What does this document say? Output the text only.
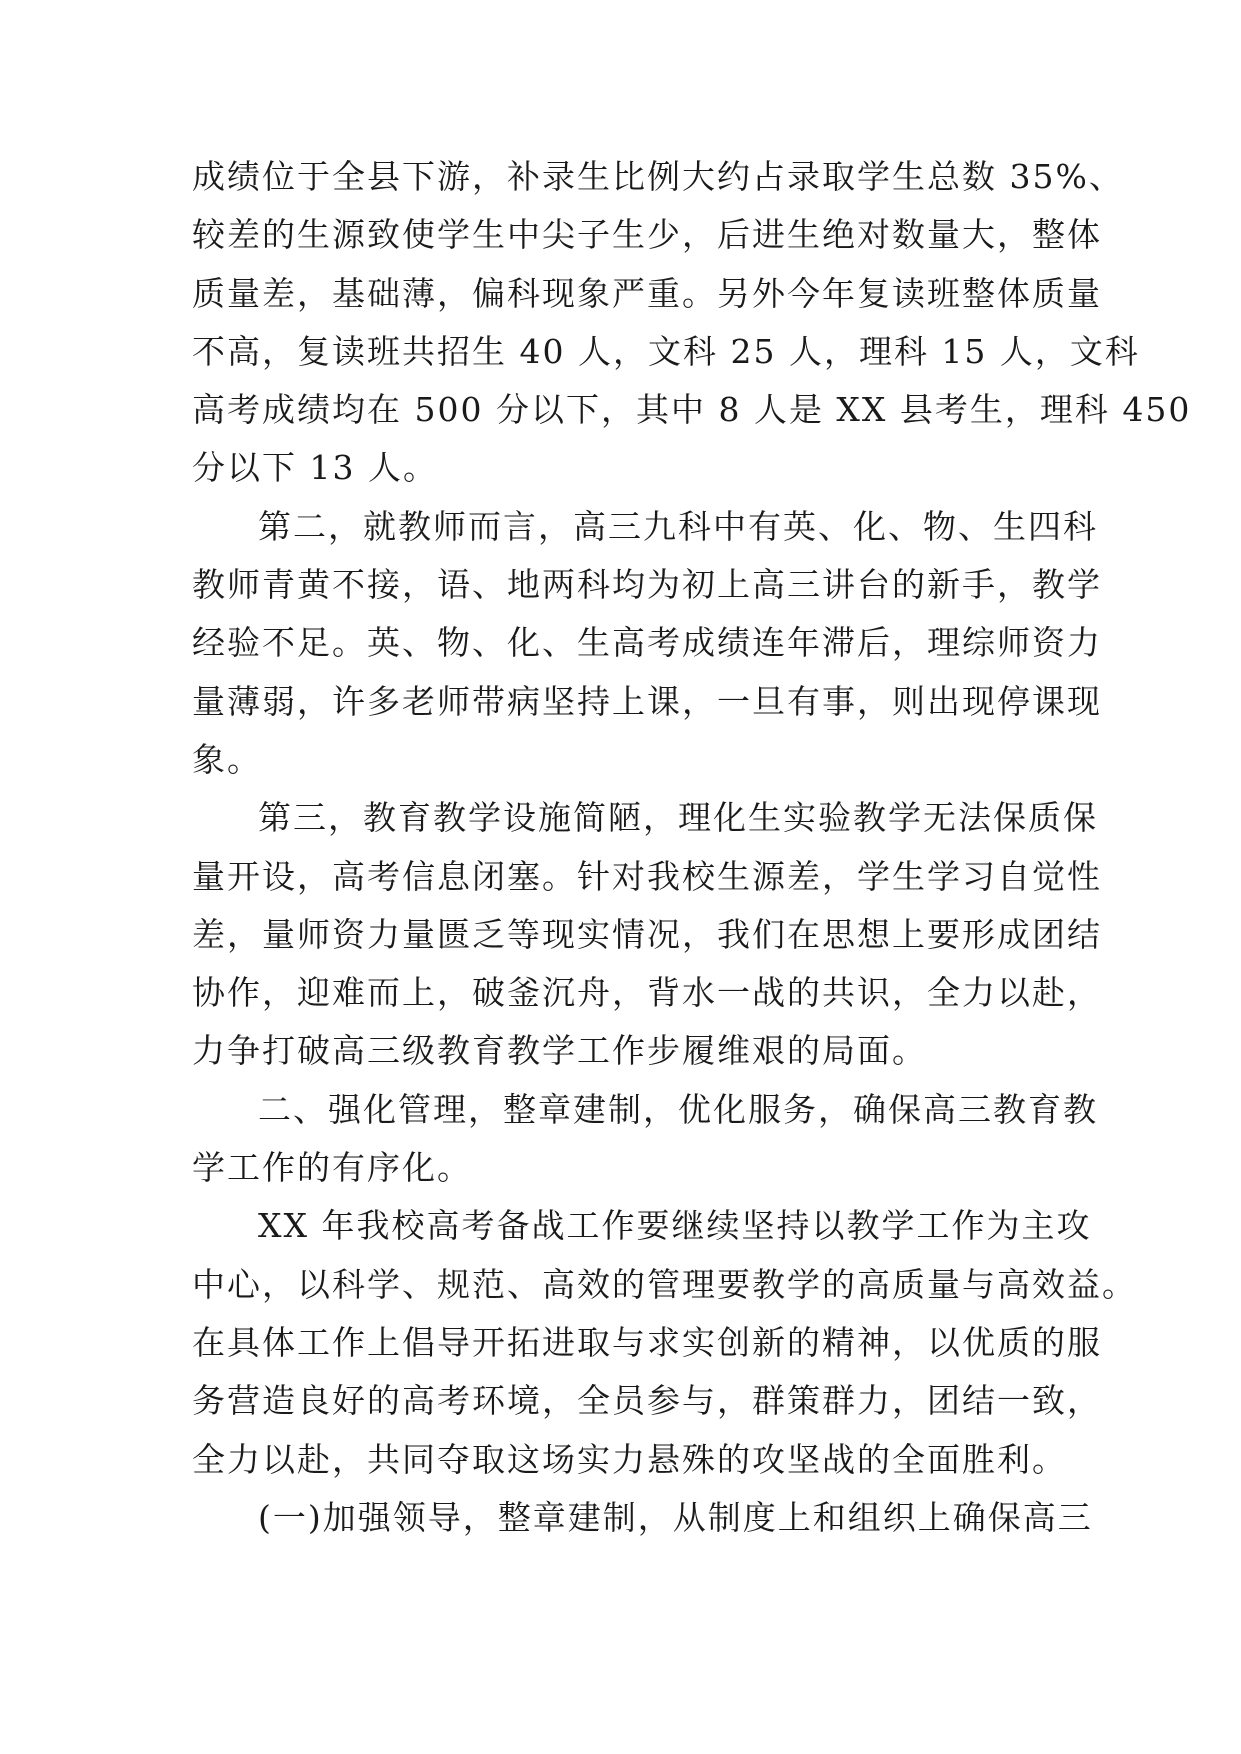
成绩位于全县下游，补录生比例大约占录取学生总数 35%、
较差的生源致使学生中尖子生少，后进生绝对数量大，整体
质量差，基础薄，偏科现象严重。另外今年复读班整体质量
不高，复读班共招生 40 人，文科 25 人，理科 15 人，文科
高考成绩均在 500 分以下，其中 8 人是 XX 县考生，理科 450
分以下 13 人。
第二，就教师而言，高三九科中有英、化、物、生四科
教师青黄不接，语、地两科均为初上高三讲台的新手，教学
经验不足。英、物、化、生高考成绩连年滞后，理综师资力
量薄弱，许多老师带病坚持上课，一旦有事，则出现停课现
象。
第三，教育教学设施简陋，理化生实验教学无法保质保
量开设，高考信息闭塞。针对我校生源差，学生学习自觉性
差，量师资力量匮乏等现实情况，我们在思想上要形成团结
协作，迎难而上，破釜沉舟，背水一战的共识，全力以赴，
力争打破高三级教育教学工作步履维艰的局面。
二、强化管理，整章建制，优化服务，确保高三教育教
学工作的有序化。
XX 年我校高考备战工作要继续坚持以教学工作为主攻
中心，以科学、规范、高效的管理要教学的高质量与高效益。
在具体工作上倡导开拓进取与求实创新的精神，以优质的服
务营造良好的高考环境，全员参与，群策群力，团结一致，
全力以赴，共同夺取这场实力悬殊的攻坚战的全面胜利。
(一)加强领导，整章建制，从制度上和组织上确保高三
